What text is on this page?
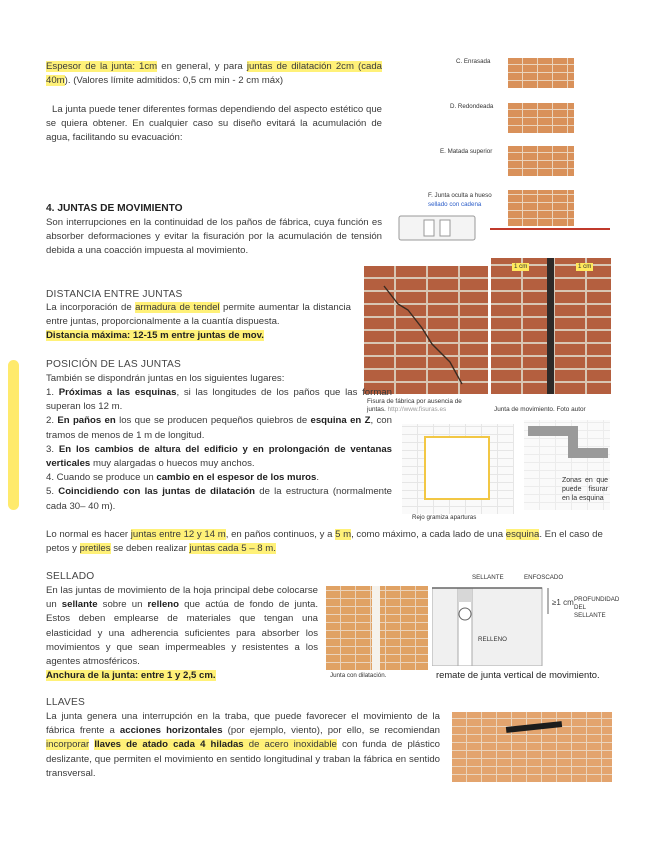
Espesor de la junta: 1cm en general, y para juntas de dilatación 2cm (cada 40m). (Valores límite admitidos: 0,5 cm min - 2 cm máx)
La junta puede tener diferentes formas dependiendo del aspecto estético que se quiera obtener. En cualquier caso su diseño evitará la acumulación de agua, facilitando su evacuación:
C. Enrasada
D. Redondeada
E. Matada superior
F. Junta oculta a hueso
sellado con cadena
4. JUNTAS DE MOVIMIENTO
Son interrupciones en la continuidad de los paños de fábrica, cuya función es absorber deformaciones y evitar la fisuración por la acumulación de tensión debida a una coacción impuesta al movimiento.
DISTANCIA ENTRE JUNTAS
La incorporación de armadura de tendel permite aumentar la distancia entre juntas, proporcionalmente a la cuantía dispuesta.
Distancia máxima: 12-15 m entre juntas de mov.
Fisura de fábrica por ausencia de
juntas. http://www.fisuras.es
1 cm	1 cm
Junta de movimiento. Foto autor
POSICIÓN DE LAS JUNTAS
También se dispondrán juntas en los siguientes lugares:
1. Próximas a las esquinas, si las longitudes de los paños que las forman superan los 12 m.
2. En paños en los que se producen pequeños quiebros de esquina en Z, con tramos de menos de 1 m de longitud.
3. En los cambios de altura del edificio y en prolongación de ventanas verticales muy alargadas o huecos muy anchos.
4. Cuando se produce un cambio en el espesor de los muros.
5. Coincidiendo con las juntas de dilatación de la estructura (normalmente cada 30– 40 m).
Rejo gramiza aparturas
Zonas en que puede fisurar en la esquina
Lo normal es hacer juntas entre 12 y 14 m, en paños continuos, y a 5 m, como máximo, a cada lado de una esquina. En el caso de petos y pretiles se deben realizar juntas cada 5 – 8 m.
SELLADO
En las juntas de movimiento de la hoja principal debe colocarse un sellante sobre un relleno que actúa de fondo de junta. Estos deben emplearse de materiales que tengan una elasticidad y una adherencia suficientes para absorber los movimientos y que sean impermeables y resistentes a los agentes atmosféricos.
Anchura de la junta: entre 1 y 2,5 cm.	Junta con dilatación.
SELLANTE	ENFOSCADO
RELLENO
≥1 cm PROFUNDIDAD DEL SELLANTE
remate de junta vertical de movimiento.
LLAVES
La junta genera una interrupción en la traba, que puede favorecer el movimiento de la fábrica frente a acciones horizontales (por ejemplo, viento), por ello, se recomiendan incorporar llaves de atado cada 4 hiladas de acero inoxidable con funda de plástico deslizante, que permiten el movimiento en sentido longitudinal y traban la fábrica en sentido transversal.
